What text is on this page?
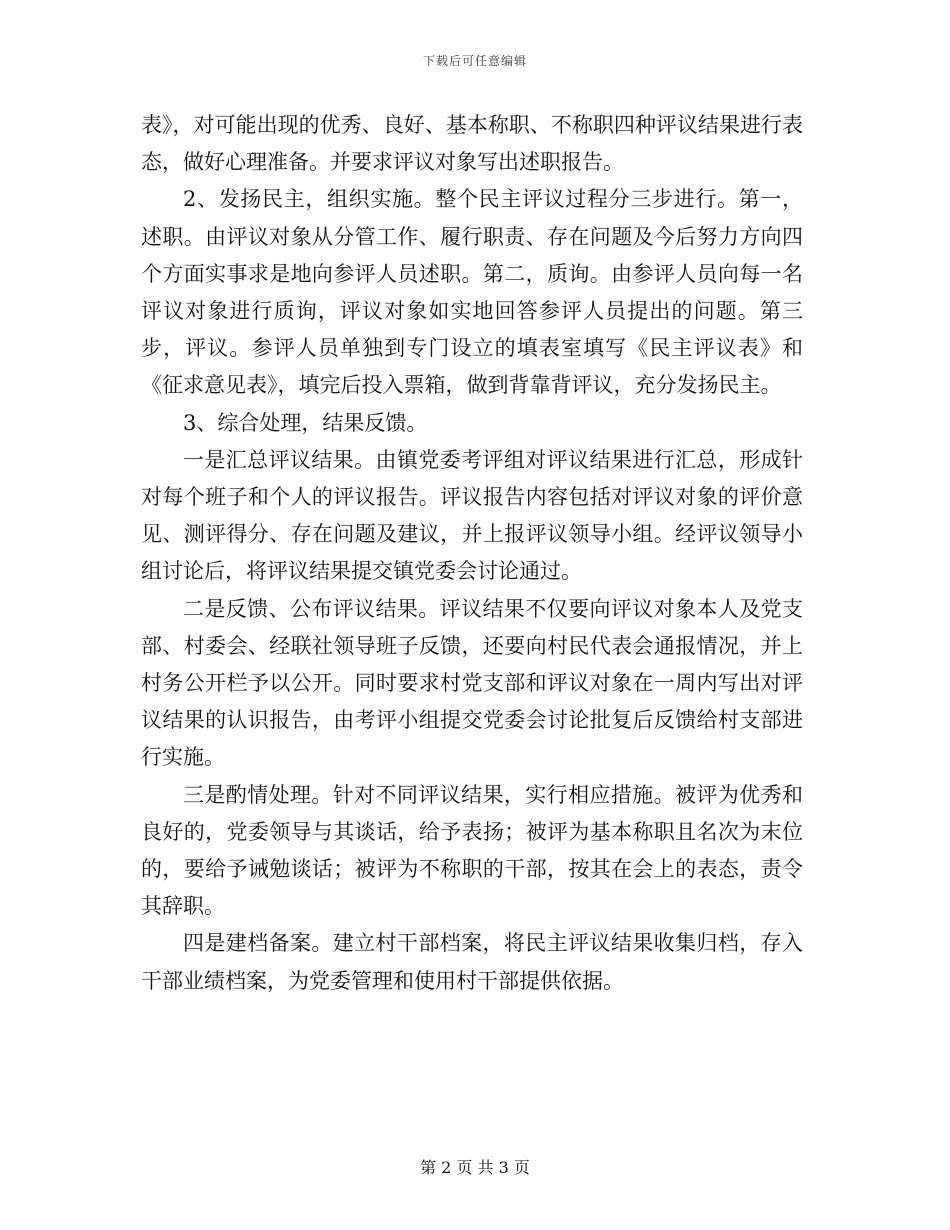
下载后可任意编辑

表》，对可能出现的优秀、良好、基本称职、不称职四种评议结果进行表态，做好心理准备。并要求评议对象写出述职报告。

2、发扬民主，组织实施。整个民主评议过程分三步进行。第一，述职。由评议对象从分管工作、履行职责、存在问题及今后努力方向四个方面实事求是地向参评人员述职。第二，质询。由参评人员向每一名评议对象进行质询，评议对象如实地回答参评人员提出的问题。第三步，评议。参评人员单独到专门设立的填表室填写《民主评议表》和《征求意见表》，填完后投入票箱，做到背靠背评议，充分发扬民主。

3、综合处理，结果反馈。

一是汇总评议结果。由镇党委考评组对评议结果进行汇总，形成针对每个班子和个人的评议报告。评议报告内容包括对评议对象的评价意见、测评得分、存在问题及建议，并上报评议领导小组。经评议领导小组讨论后，将评议结果提交镇党委会讨论通过。

二是反馈、公布评议结果。评议结果不仅要向评议对象本人及党支部、村委会、经联社领导班子反馈，还要向村民代表会通报情况，并上村务公开栏予以公开。同时要求村党支部和评议对象在一周内写出对评议结果的认识报告，由考评小组提交党委会讨论批复后反馈给村支部进行实施。

三是酌情处理。针对不同评议结果，实行相应措施。被评为优秀和良好的，党委领导与其谈话，给予表扬；被评为基本称职且名次为末位的，要给予诫勉谈话；被评为不称职的干部，按其在会上的表态，责令其辞职。

四是建档备案。建立村干部档案，将民主评议结果收集归档，存入干部业绩档案，为党委管理和使用村干部提供依据。

第 2 页 共 3 页
